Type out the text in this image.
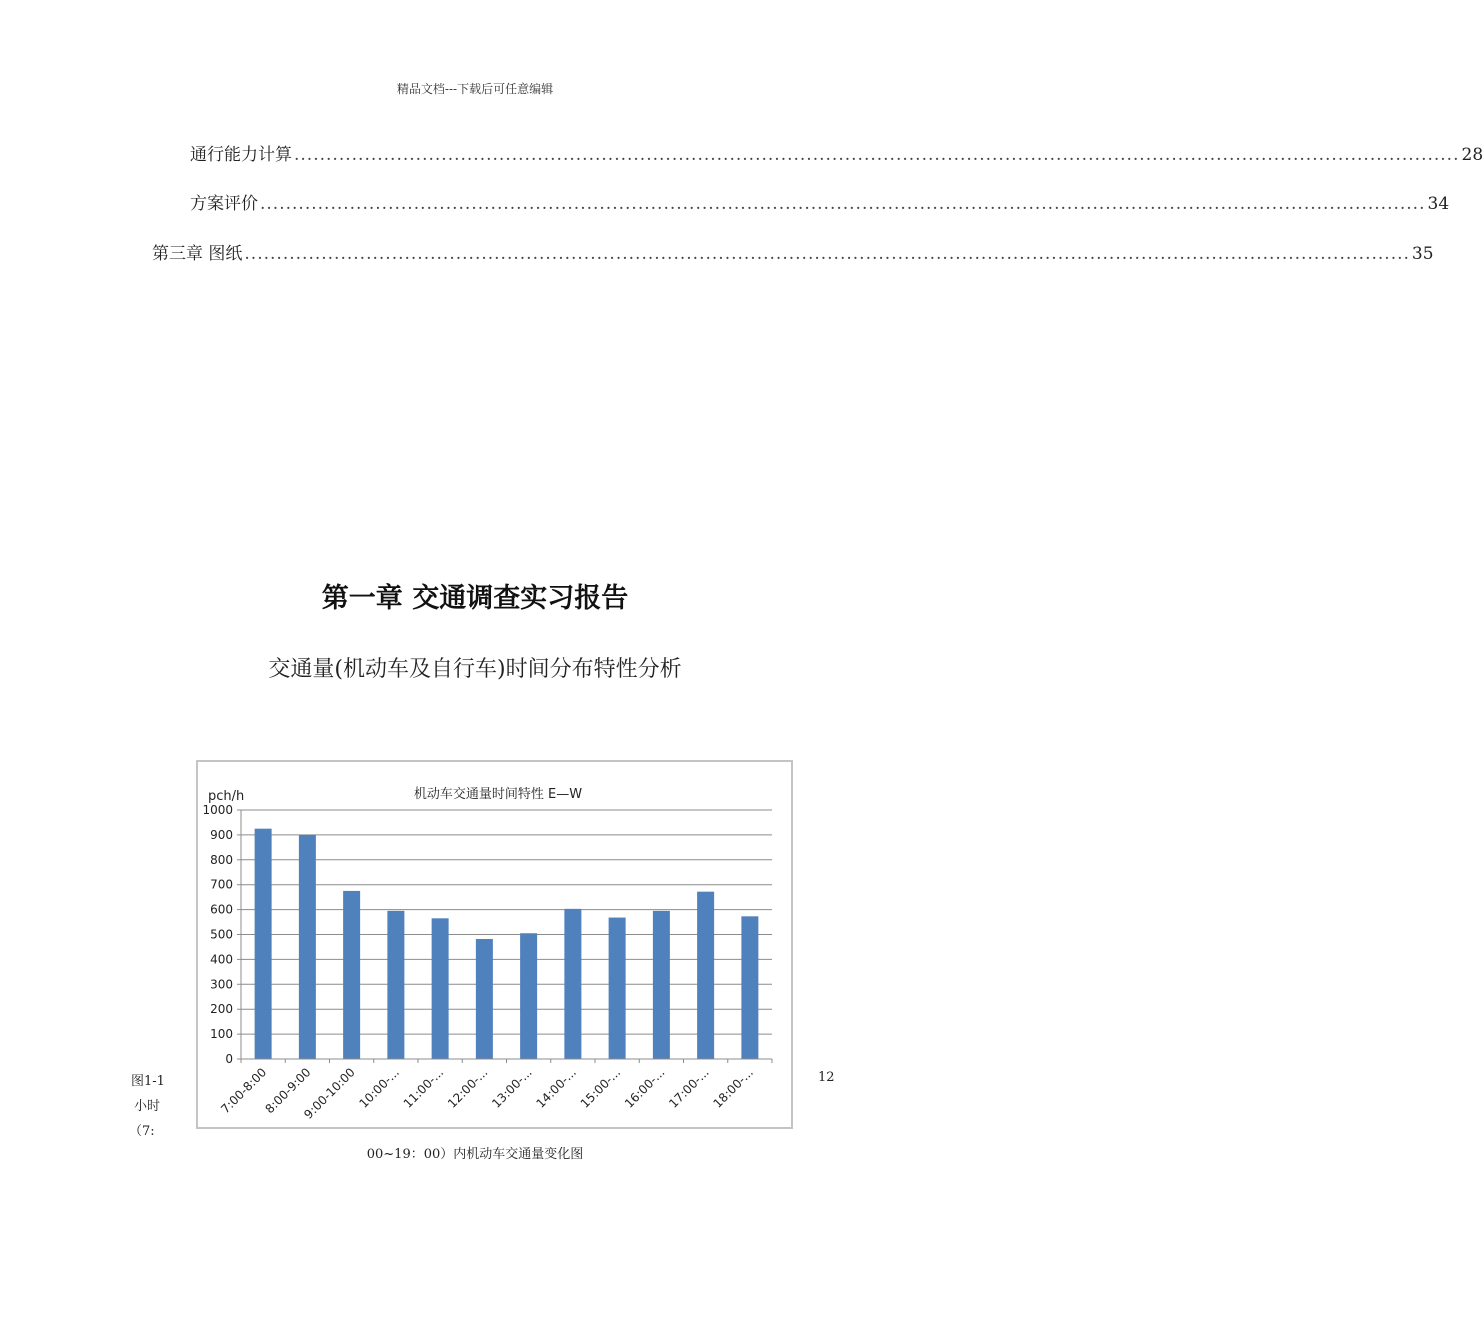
精品文档---下载后可任意编辑
通行能力计算 ...................................................................................................................................................................................... 28
方案评价 ...................................................................................................................................................................................... 34
第三章 图纸 ...................................................................................................................................................................................... 35
第一章 交通调查实习报告
交通量(机动车及自行车)时间分布特性分析
机动车交通量时间特性 E—W
pch/h
0
100
200
300
400
500
600
700
800
900
1000
7:00-8:00
8:00-9:00
9:00-10:00
10:00-...
11:00-...
12:00-...
13:00-...
14:00-...
15:00-...
16:00-...
17:00-...
18:00-...
图1-1
小时
（7:
12
00~19：00）内机动车交通量变化图
